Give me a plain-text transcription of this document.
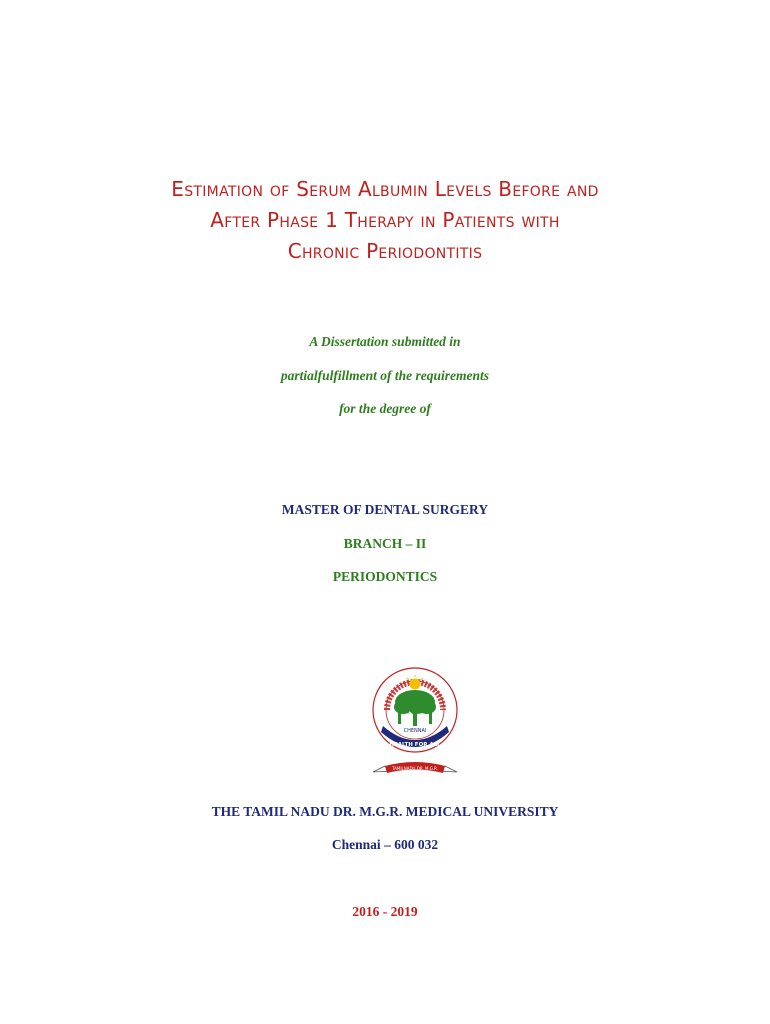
Estimation of Serum Albumin Levels Before and
After Phase 1 Therapy in Patients with
Chronic Periodontitis
A Dissertation submitted in
partialfulfillment of the requirements
for the degree of
MASTER OF DENTAL SURGERY
BRANCH – II
PERIODONTICS
CHENNAI
HEALTH FOR ALL
TAMILNADU DR. M.G.R.
THE TAMIL NADU DR. M.G.R. MEDICAL UNIVERSITY
Chennai – 600 032
2016 - 2019
